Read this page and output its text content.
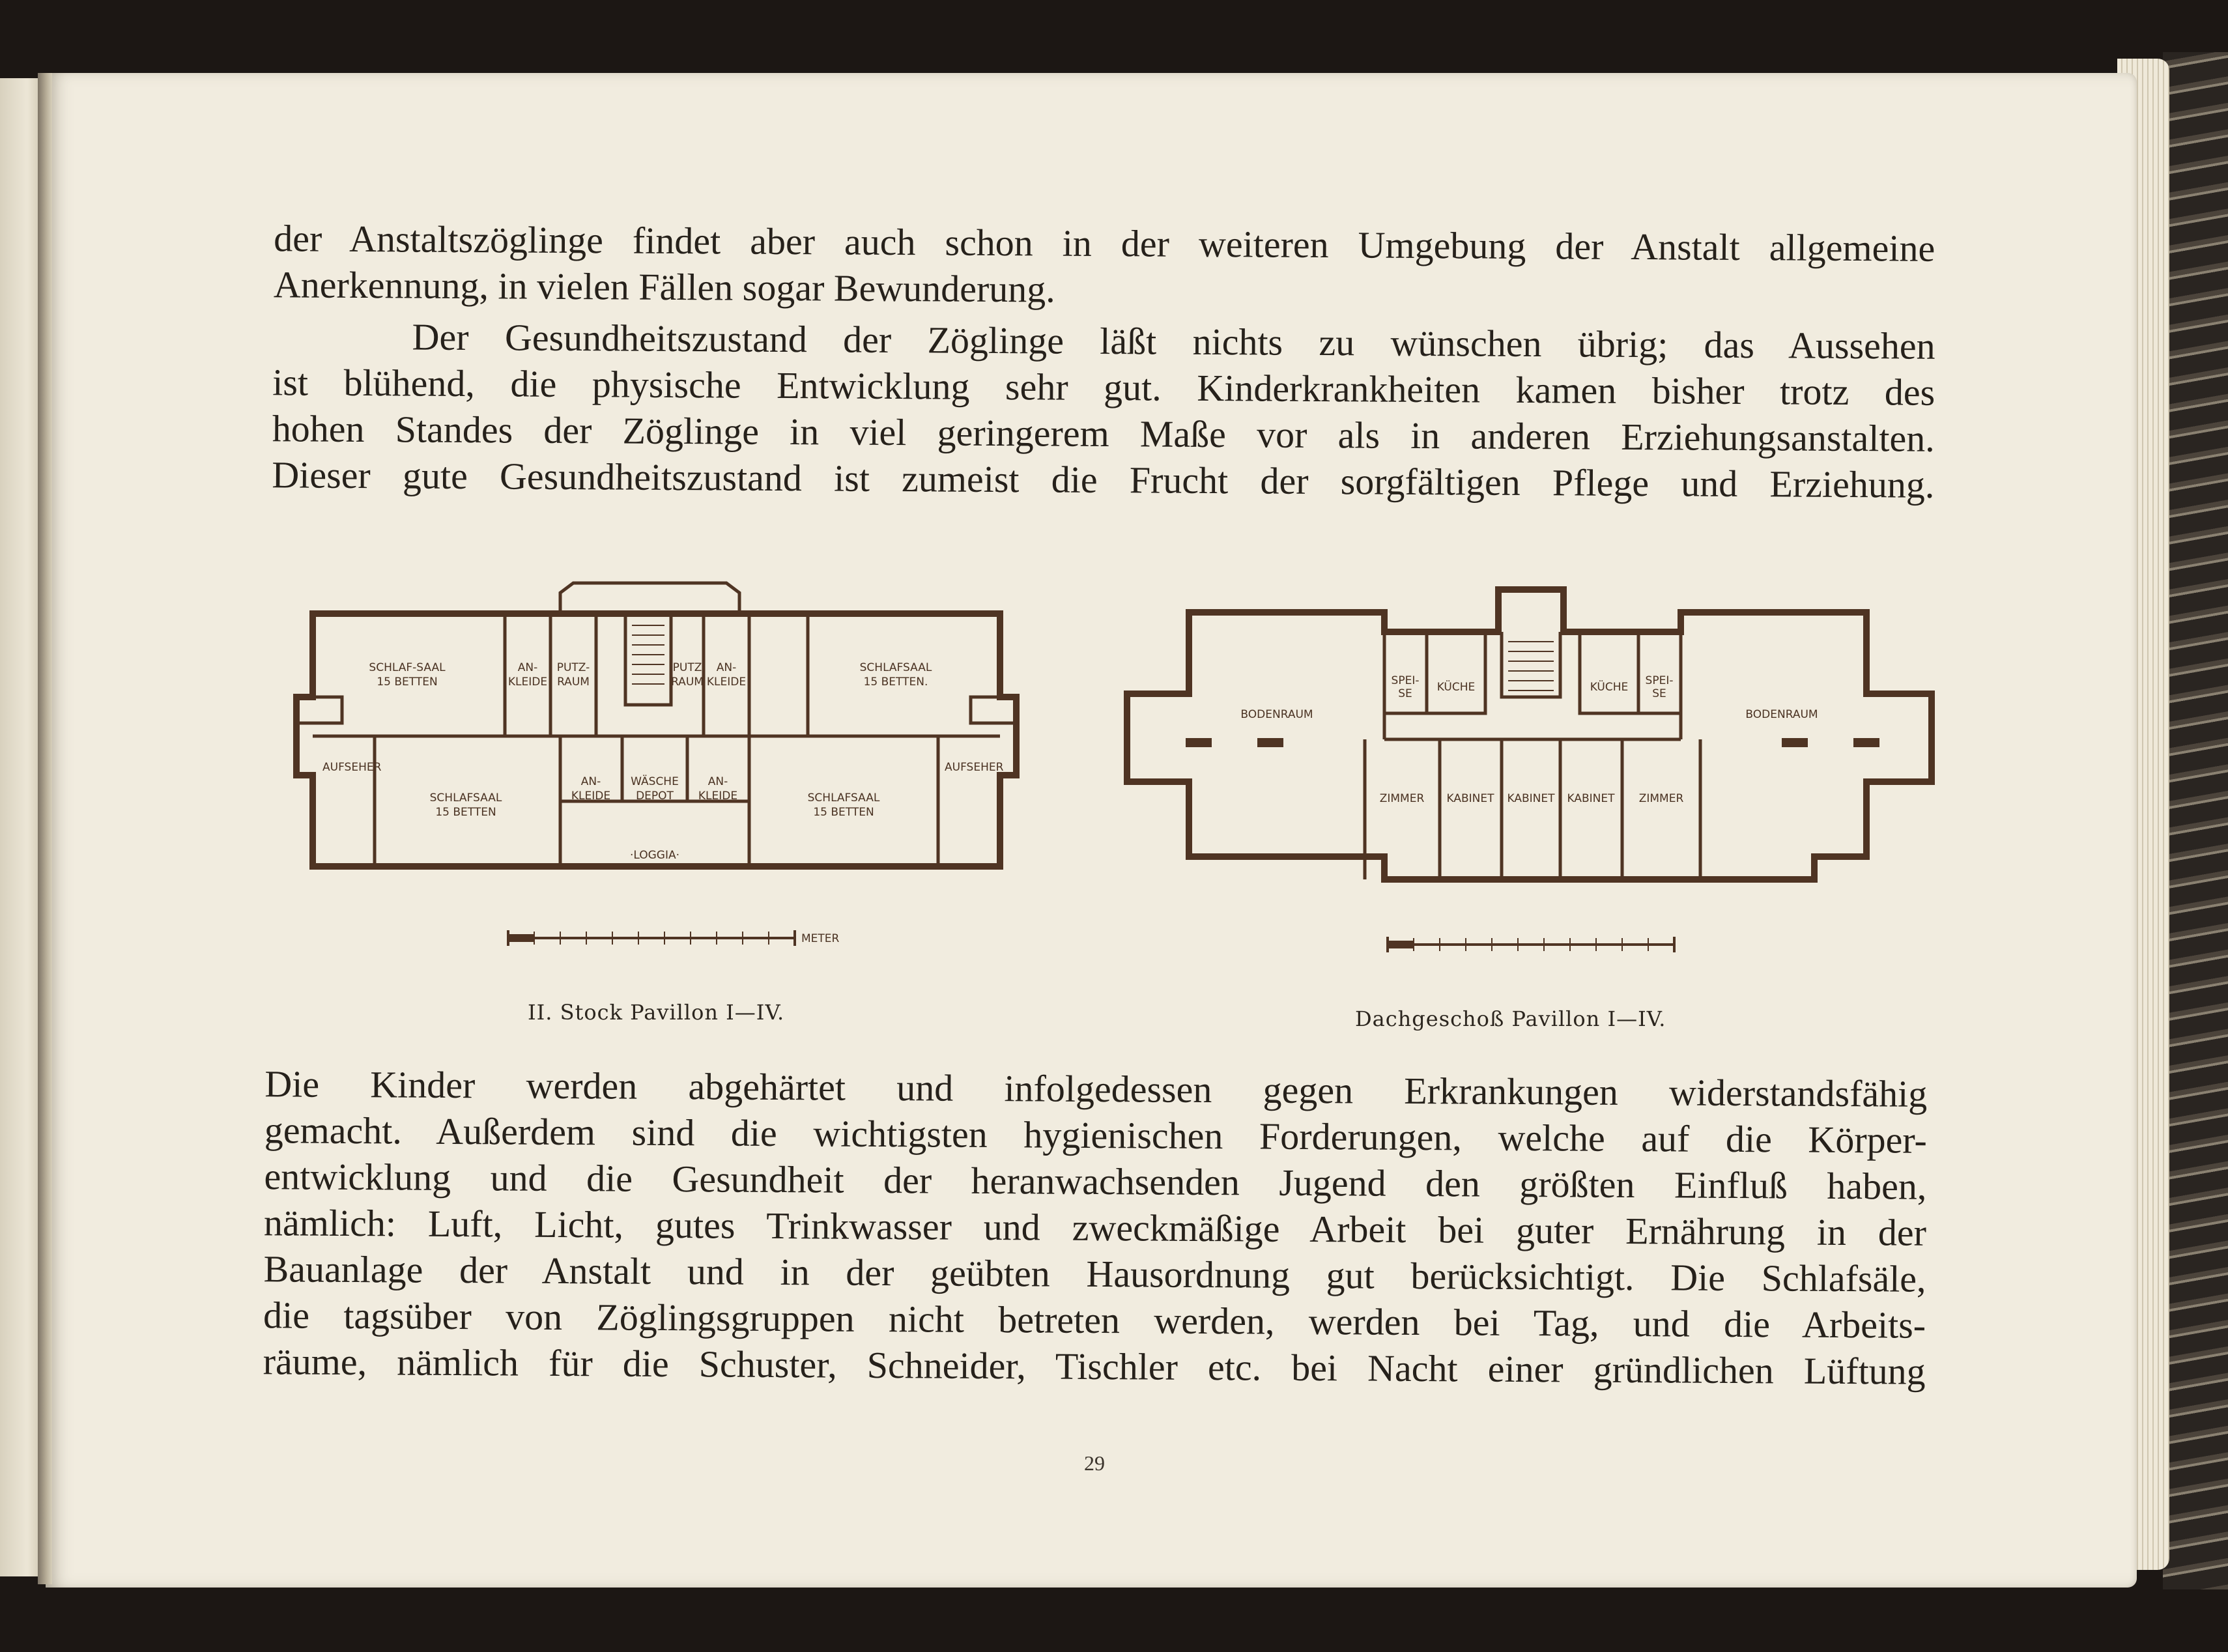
der Anstaltszöglinge findet aber auch schon in der weiteren Umgebung der Anstalt allgemeine
Anerkennung, in vielen Fällen sogar Bewunderung.
Der Gesundheitszustand der Zöglinge läßt nichts zu wünschen übrig; das Aussehen
ist blühend, die physische Entwicklung sehr gut. Kinderkrankheiten kamen bisher trotz des
hohen Standes der Zöglinge in viel geringerem Maße vor als in anderen Erziehungsanstalten.
Dieser gute Gesundheitszustand ist zumeist die Frucht der sorgfältigen Pflege und Erziehung.
SCHLAF-SAAL
15 BETTEN
AN-
KLEIDE
PUTZ-
RAUM
PUTZ
RAUM
AN-
KLEIDE
SCHLAFSAAL
15 BETTEN.
AUFSEHER
SCHLAFSAAL
15 BETTEN
AN-
KLEIDE
WÄSCHE
DEPOT
AN-
KLEIDE	SCHLAFSAAL
15 BETTEN
AUFSEHER
·LOGGIA·
METER
II. Stock Pavillon I—IV.
BODENRAUM	BODENRAUM
KÜCHE	KÜCHE
SPEI-
SE
SPEI-
SE
ZIMMER KABINET KABINET KABINET ZIMMER
Dachgeschoß Pavillon I—IV.
Die Kinder werden abgehärtet und infolgedessen gegen Erkrankungen widerstandsfähig
gemacht. Außerdem sind die wichtigsten hygienischen Forderungen, welche auf die Körper-
entwicklung und die Gesundheit der heranwachsenden Jugend den größten Einfluß haben,
nämlich: Luft, Licht, gutes Trinkwasser und zweckmäßige Arbeit bei guter Ernährung in der
Bauanlage der Anstalt und in der geübten Hausordnung gut berücksichtigt. Die Schlafsäle,
die tagsüber von Zöglingsgruppen nicht betreten werden, werden bei Tag, und die Arbeits-
räume, nämlich für die Schuster, Schneider, Tischler etc. bei Nacht einer gründlichen Lüftung
29
